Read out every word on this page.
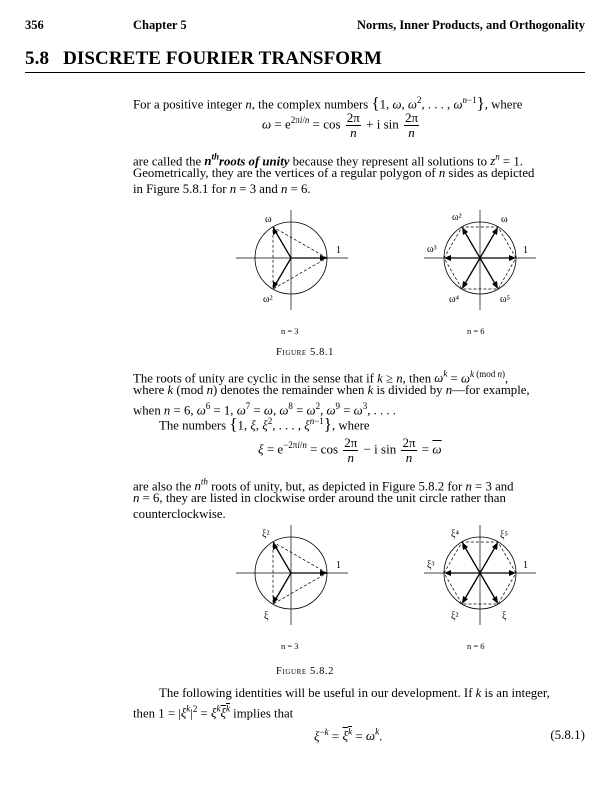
356	Chapter 5	Norms, Inner Products, and Orthogonality
5.8 DISCRETE FOURIER TRANSFORM
For a positive integer n, the complex numbers {1, ω, $\omega^2$, . . . , $\omega^{n-1}$}, where
$\omega = e^{2\pi i/n} = \cos \frac{2\pi}{n} + i$ $\sin \frac{2\pi}{n}$
are called the $n^{th}roots$ of unity because they represent all solutions to $z^n = 1$.
Geometrically, they are the vertices of a regular polygon of n sides as depicted
in Figure 5.8.1 for n = 3 and n = 6.
ω
1
ω²
ω²	ω
ω³	1
ω⁴	ω⁵
n = 3	n = 6
Figure 5.8.1
The roots of unity are cyclic in the sense that if k ≥ n, then $\omega^k = \omega^{k (mod n)}$,
where k (mod n) denotes the remainder when k is divided by n—for example,
when n = 6, $\omega^6 = 1$, $\omega^7 = \omega$, $\omega^8 = \omega^2$, $\omega^9 = \omega^3$, . . . .
The numbers {1, ξ, $\xi^2$, . . . , $\xi^{n-1}$}, where
$\xi = e^{-2\pi i/n} = \cos \frac{2\pi}{n} - i$ $\sin \frac{2\pi}{n} = \overline{\omega}$
are also the $n^{th}$ roots of unity, but, as depicted in Figure 5.8.2 for n = 3 and
n = 6, they are listed in clockwise order around the unit circle rather than
counterclockwise.
ξ²
1
ξ
ξ⁴	ξ⁵
ξ³	1
ξ²	ξ
n = 3	n = 6
Figure 5.8.2
The following identities will be useful in our development. If k is an integer,
then $1 = |\xi^k|^2 = \xi^k\xi^k$ implies that
$\xi^{-k} = \xi^k = \omega^k$.	(5.8.1)
